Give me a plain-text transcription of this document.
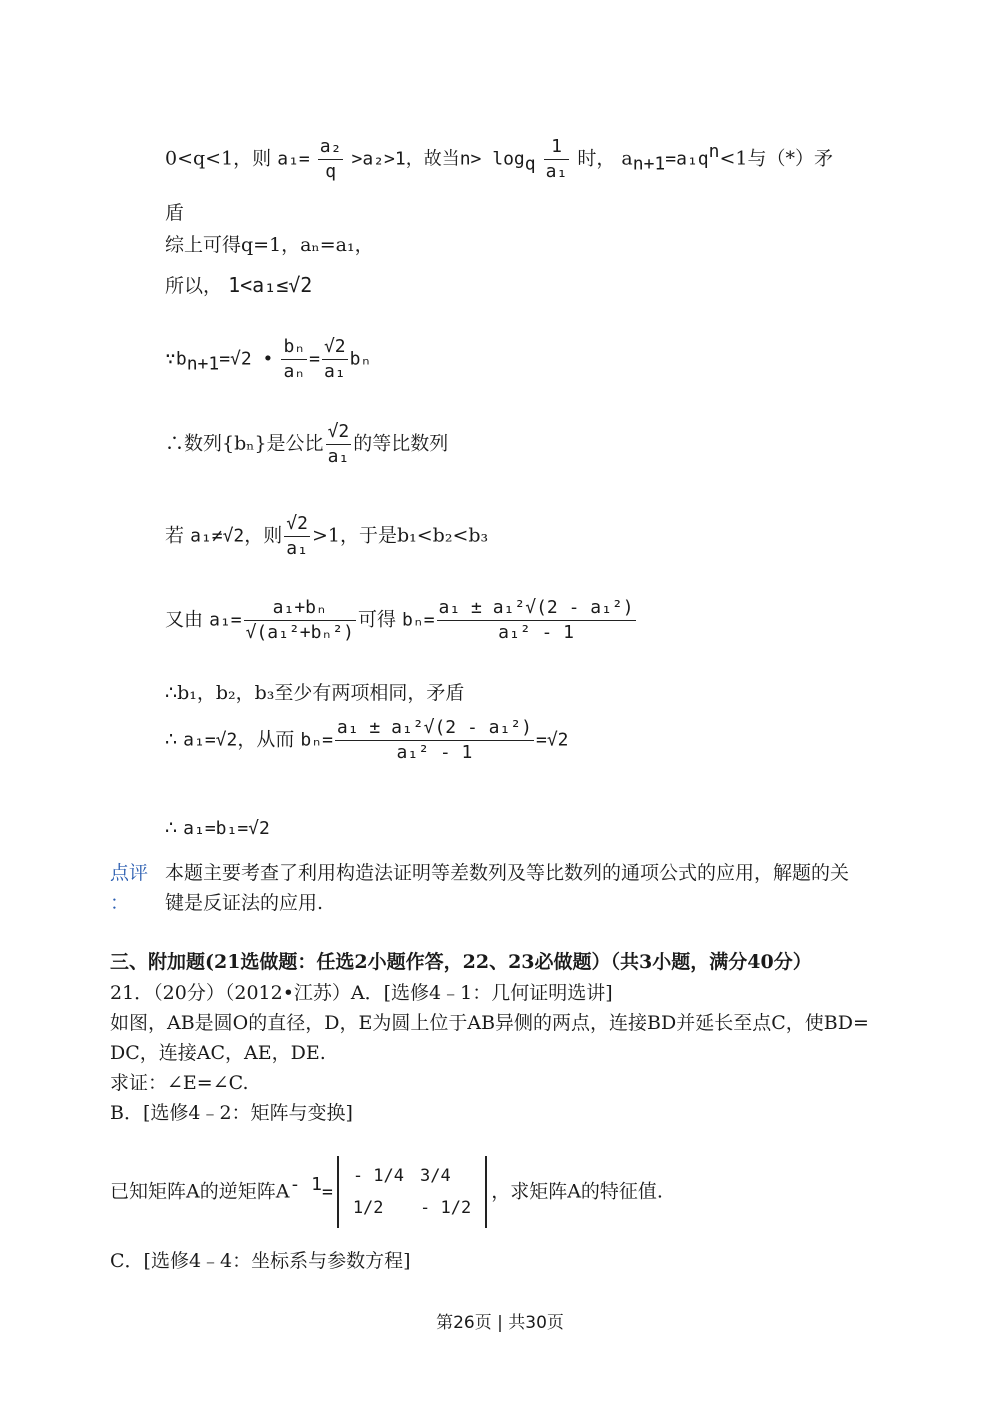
0<q<1，则 $a_1= \frac{\text{a₂}}{q} >a_2>1$，故当$n> \log_q \frac{1}{\text{a₁}}$ 时， $a_{n+1}=a_1q^n<1$与（*）矛
盾
综上可得q=1，aₙ=a₁，
所以， 1<a₁≤√2
$\because b_{n+1}=√2$ • $\frac{\text{bₙ}}{\text{aₙ}} = \frac{√2}{\text{a₁}}$ bₙ
∴数列{bₙ}是公比 $\frac{√2}{\text{a₁}}$ 的等比数列
若 a₁≠√2，则 $\frac{√2}{\text{a₁}} >1$，于是b₁<b₂<b₃
又由 $a_1= \frac{\text{a₁+bₙ}}{\text{√(a₁²+bₙ²)}}$ 可得 $b_n= \frac{\text{a₁ ± a₁²√(2 - a₁²)}}{\text{a₁² - 1}}$
∴b₁，b₂，b₃至少有两项相同，矛盾
∴ a₁=√2，从而 $b_n= \frac{\text{a₁ ± a₁²√(2 - a₁²)}}{\text{a₁² - 1}} =√2$
∴ a₁=b₁=√2
点评
：
本题主要考查了利用构造法证明等差数列及等比数列的通项公式的应用，解题的关
键是反证法的应用.
三、附加题(21选做题：任选2小题作答，22、23必做题）（共3小题，满分40分）
21．（20分）（2012•江苏）A．[选修4﹣1：几何证明选讲]
如图，AB是圆O的直径，D，E为圆上位于AB异侧的两点，连接BD并延长至点C，使BD=
DC，连接AC，AE，DE.
求证：∠E=∠C.
B．[选修4﹣2：矩阵与变换]
已知矩阵A的逆矩阵$A^{- 1}=$
- 1/4	3/4
1/2	- 1/2
，求矩阵A的特征值.
C．[选修4﹣4：坐标系与参数方程]
第26页 | 共30页
